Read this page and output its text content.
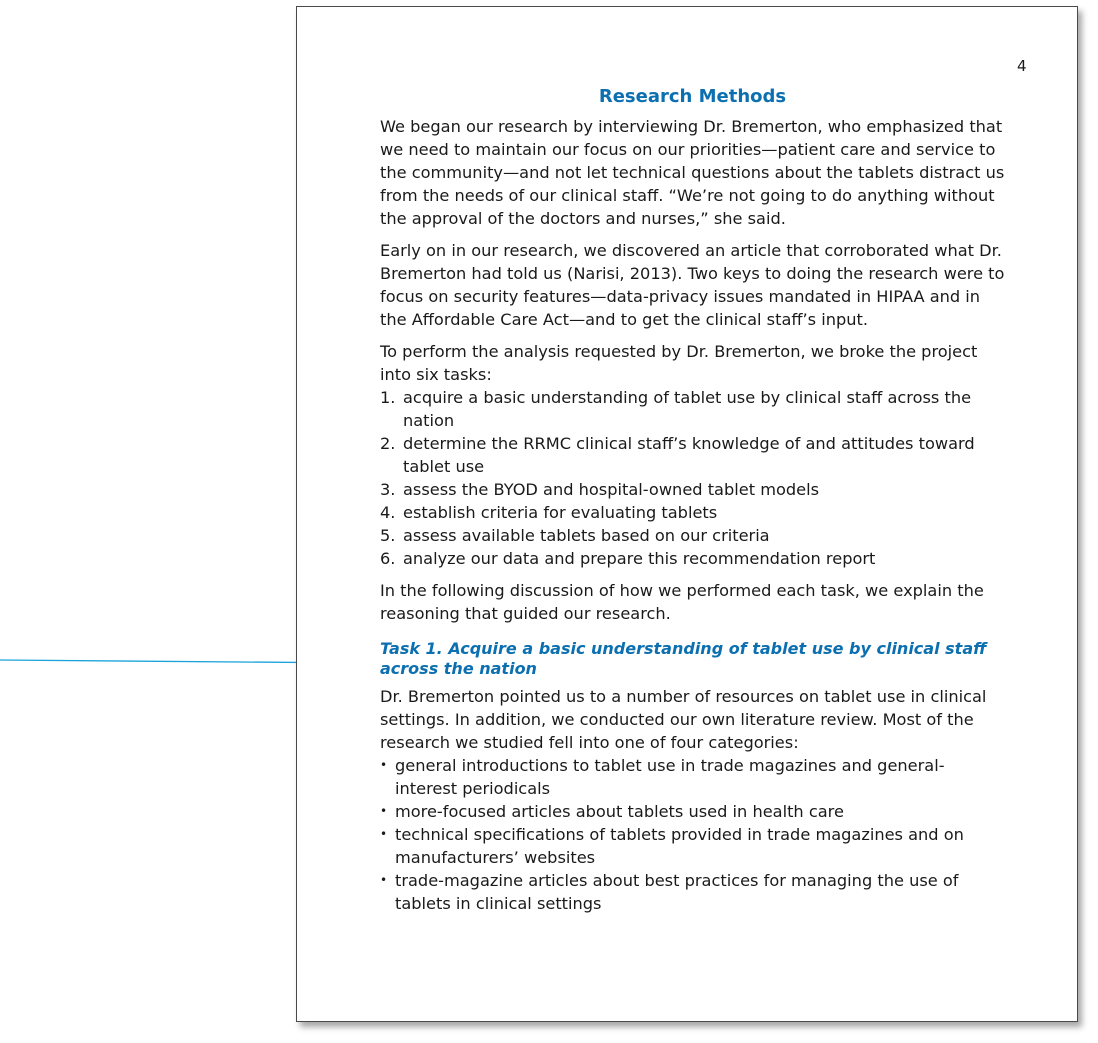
4
Research Methods

We began our research by interviewing Dr. Bremerton, who emphasized that we need to maintain our focus on our priorities—patient care and service to the community—and not let technical questions about the tablets distract us from the needs of our clinical staff. “We’re not going to do anything without the approval of the doctors and nurses,” she said.

Early on in our research, we discovered an article that corroborated what Dr. Bremerton had told us (Narisi, 2013). Two keys to doing the research were to focus on security features—data-privacy issues mandated in HIPAA and in the Affordable Care Act—and to get the clinical staff’s input.

To perform the analysis requested by Dr. Bremerton, we broke the project into six tasks:
1. acquire a basic understanding of tablet use by clinical staff across the nation
2. determine the RRMC clinical staff’s knowledge of and attitudes toward tablet use
3. assess the BYOD and hospital-owned tablet models
4. establish criteria for evaluating tablets
5. assess available tablets based on our criteria
6. analyze our data and prepare this recommendation report

In the following discussion of how we performed each task, we explain the reasoning that guided our research.

Task 1. Acquire a basic understanding of tablet use by clinical staff across the nation
Dr. Bremerton pointed us to a number of resources on tablet use in clinical settings. In addition, we conducted our own literature review. Most of the research we studied fell into one of four categories:
• general introductions to tablet use in trade magazines and general-interest periodicals
• more-focused articles about tablets used in health care
• technical specifications of tablets provided in trade magazines and on manufacturers’ websites
• trade-magazine articles about best practices for managing the use of tablets in clinical settings
